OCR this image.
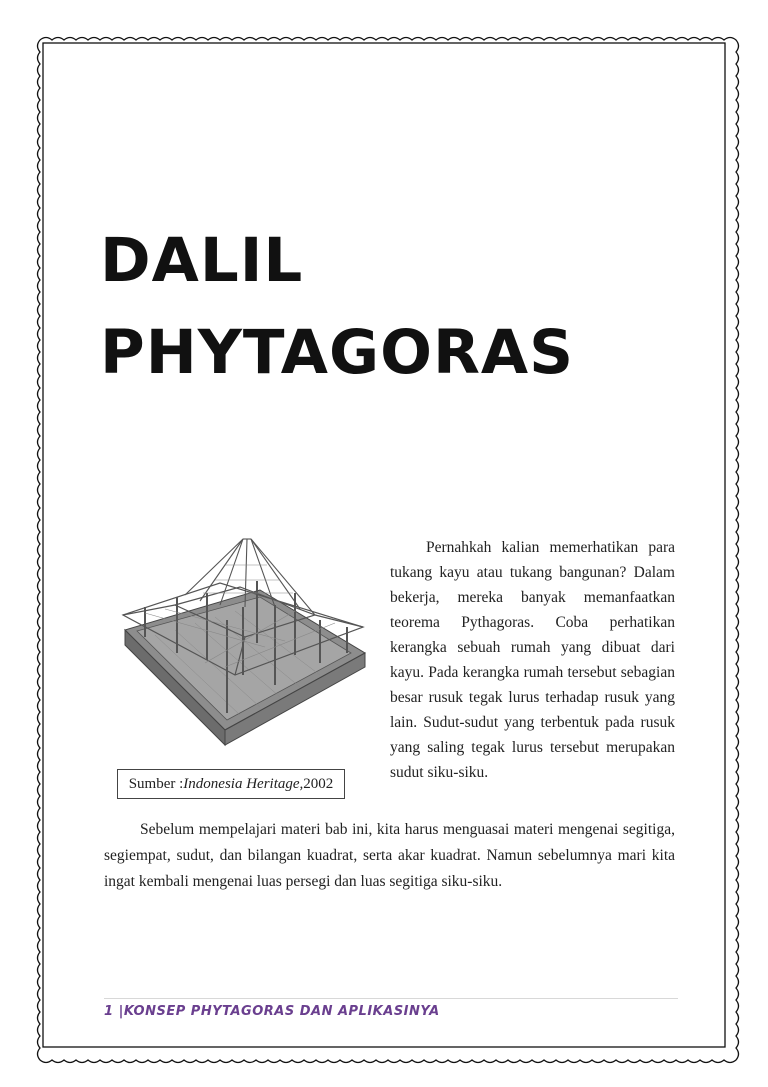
DALIL
PHYTAGORAS
Sumber : Indonesia Heritage, 2002

Pernahkah kalian memerhatikan para tukang kayu atau tukang bangunan? Dalam bekerja, mereka banyak memanfaatkan teorema Pythagoras. Coba perhatikan kerangka sebuah rumah yang dibuat dari kayu. Pada kerangka rumah tersebut sebagian besar rusuk tegak lurus terhadap rusuk yang lain. Sudut-sudut yang terbentuk pada rusuk yang saling tegak lurus tersebut merupakan sudut siku-siku.

Sebelum mempelajari materi bab ini, kita harus menguasai materi mengenai segitiga, segiempat, sudut, dan bilangan kuadrat, serta akar kuadrat. Namun sebelumnya mari kita ingat kembali mengenai luas persegi dan luas segitiga siku-siku.

1 |KONSEP PHYTAGORAS DAN APLIKASINYA
